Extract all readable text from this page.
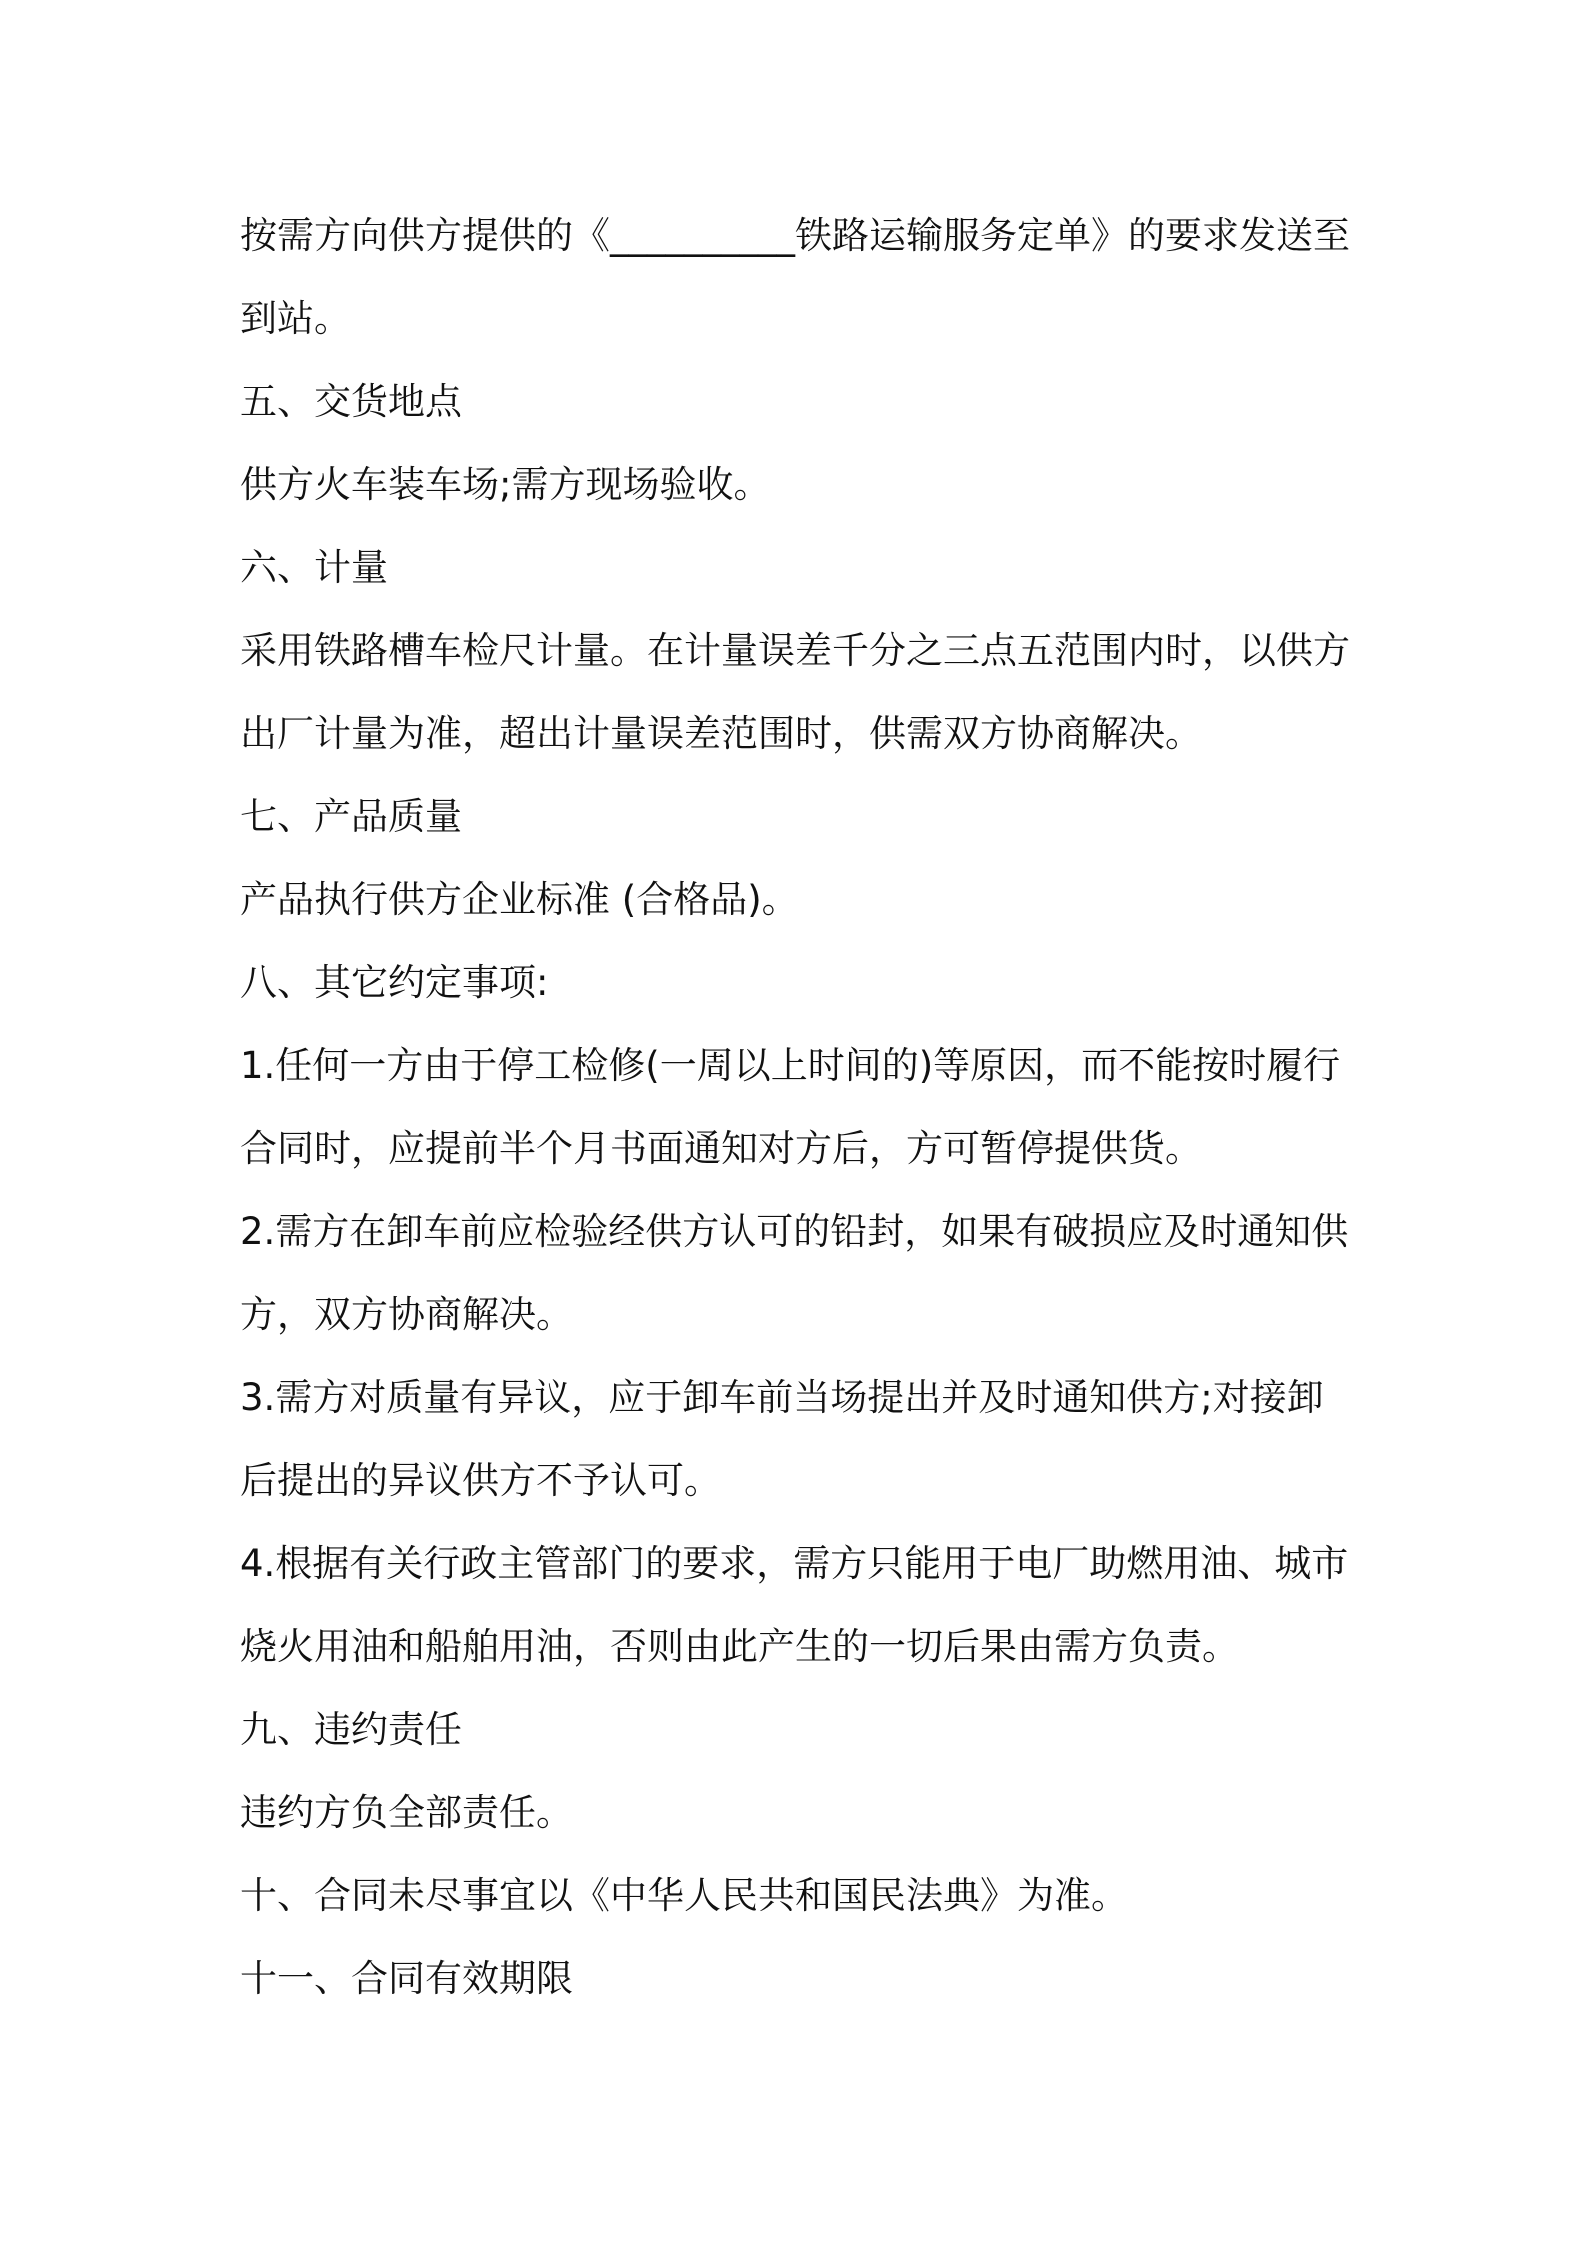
按需方向供方提供的《__________铁路运输服务定单》的要求发送至
到站。
五、交货地点
供方火车装车场;需方现场验收。
六、计量
采用铁路槽车检尺计量。在计量误差千分之三点五范围内时，以供方
出厂计量为准，超出计量误差范围时，供需双方协商解决。
七、产品质量
产品执行供方企业标准 (合格品)。
八、其它约定事项:
1.任何一方由于停工检修(一周以上时间的)等原因，而不能按时履行
合同时，应提前半个月书面通知对方后，方可暂停提供货。
2.需方在卸车前应检验经供方认可的铅封，如果有破损应及时通知供
方，双方协商解决。
3.需方对质量有异议，应于卸车前当场提出并及时通知供方;对接卸
后提出的异议供方不予认可。
4.根据有关行政主管部门的要求，需方只能用于电厂助燃用油、城市
烧火用油和船舶用油，否则由此产生的一切后果由需方负责。
九、违约责任
违约方负全部责任。
十、合同未尽事宜以《中华人民共和国民法典》为准。
十一、合同有效期限
